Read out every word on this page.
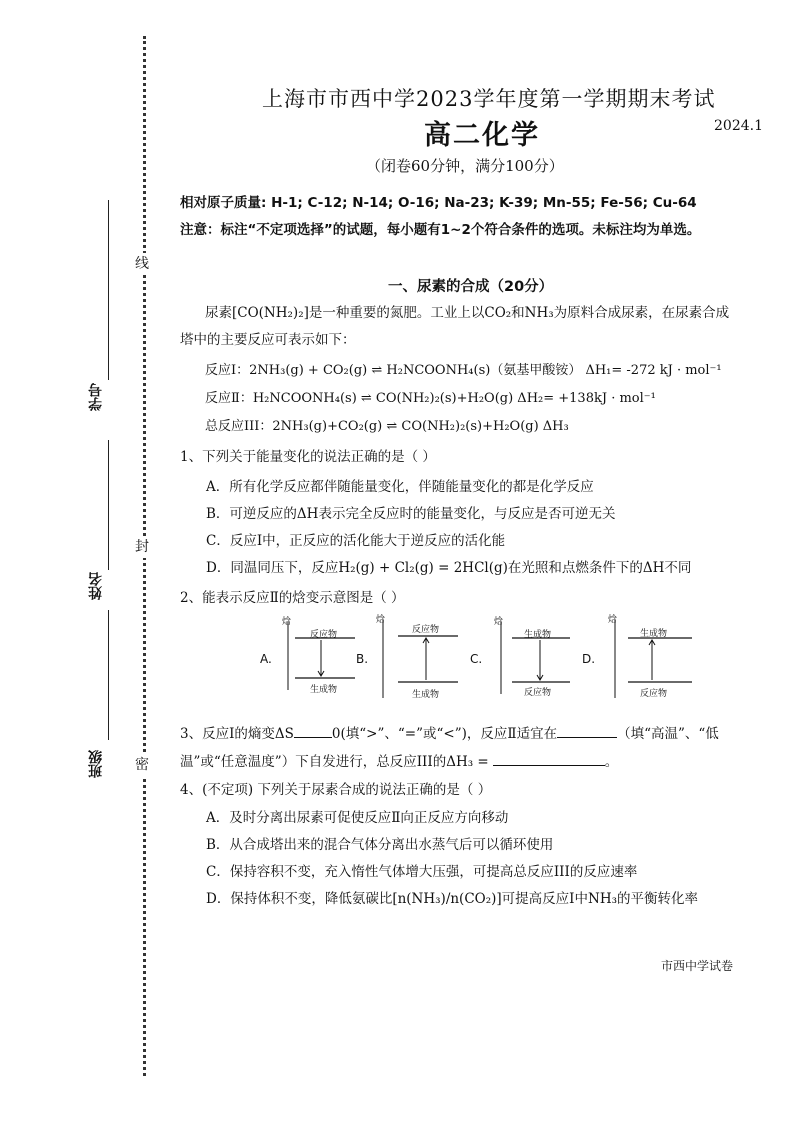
线
封
密
学号
姓名
班级
上海市市西中学2023学年度第一学期期末考试
高二化学	2024.1
（闭卷60分钟，满分100分）
相对原子质量: H-1; C-12; N-14; O-16; Na-23; K-39; Mn-55; Fe-56; Cu-64
注意：标注“不定项选择”的试题，每小题有1~2个符合条件的选项。未标注均为单选。
一、尿素的合成（20分）
尿素[CO(NH₂)₂]是一种重要的氮肥。工业上以CO₂和NH₃为原料合成尿素，在尿素合成
塔中的主要反应可表示如下：
反应Ⅰ：2NH₃(g) + CO₂(g) ⇌ H₂NCOONH₄(s)（氨基甲酸铵） ΔH₁= -272 kJ · mol⁻¹
反应Ⅱ：H₂NCOONH₄(s) ⇌ CO(NH₂)₂(s)+H₂O(g) ΔH₂= +138kJ · mol⁻¹
总反应III：2NH₃(g)+CO₂(g) ⇌ CO(NH₂)₂(s)+H₂O(g) ΔH₃
1、下列关于能量变化的说法正确的是（ ）
A．所有化学反应都伴随能量变化，伴随能量变化的都是化学反应
B．可逆反应的ΔH表示完全反应时的能量变化，与反应是否可逆无关
C．反应Ⅰ中，正反应的活化能大于逆反应的活化能
D．同温同压下，反应H₂(g) + Cl₂(g) = 2HCl(g)在光照和点燃条件下的ΔH不同
2、能表示反应Ⅱ的焓变示意图是（ ）
A.
焓
反应物
生成物
B.
焓
反应物
生成物
C.
焓
生成物
反应物
D.
焓
生成物
反应物
3、反应Ⅰ的熵变ΔS	0(填“>”、“=”或“<”)，反应Ⅱ适宜在	（填“高温”、“低
温”或“任意温度”）下自发进行，总反应III的ΔH₃ =	。
4、(不定项) 下列关于尿素合成的说法正确的是（ ）
A．及时分离出尿素可促使反应Ⅱ向正反应方向移动
B．从合成塔出来的混合气体分离出水蒸气后可以循环使用
C．保持容积不变，充入惰性气体增大压强，可提高总反应III的反应速率
D．保持体积不变，降低氨碳比[n(NH₃)/n(CO₂)]可提高反应Ⅰ中NH₃的平衡转化率
市西中学试卷
